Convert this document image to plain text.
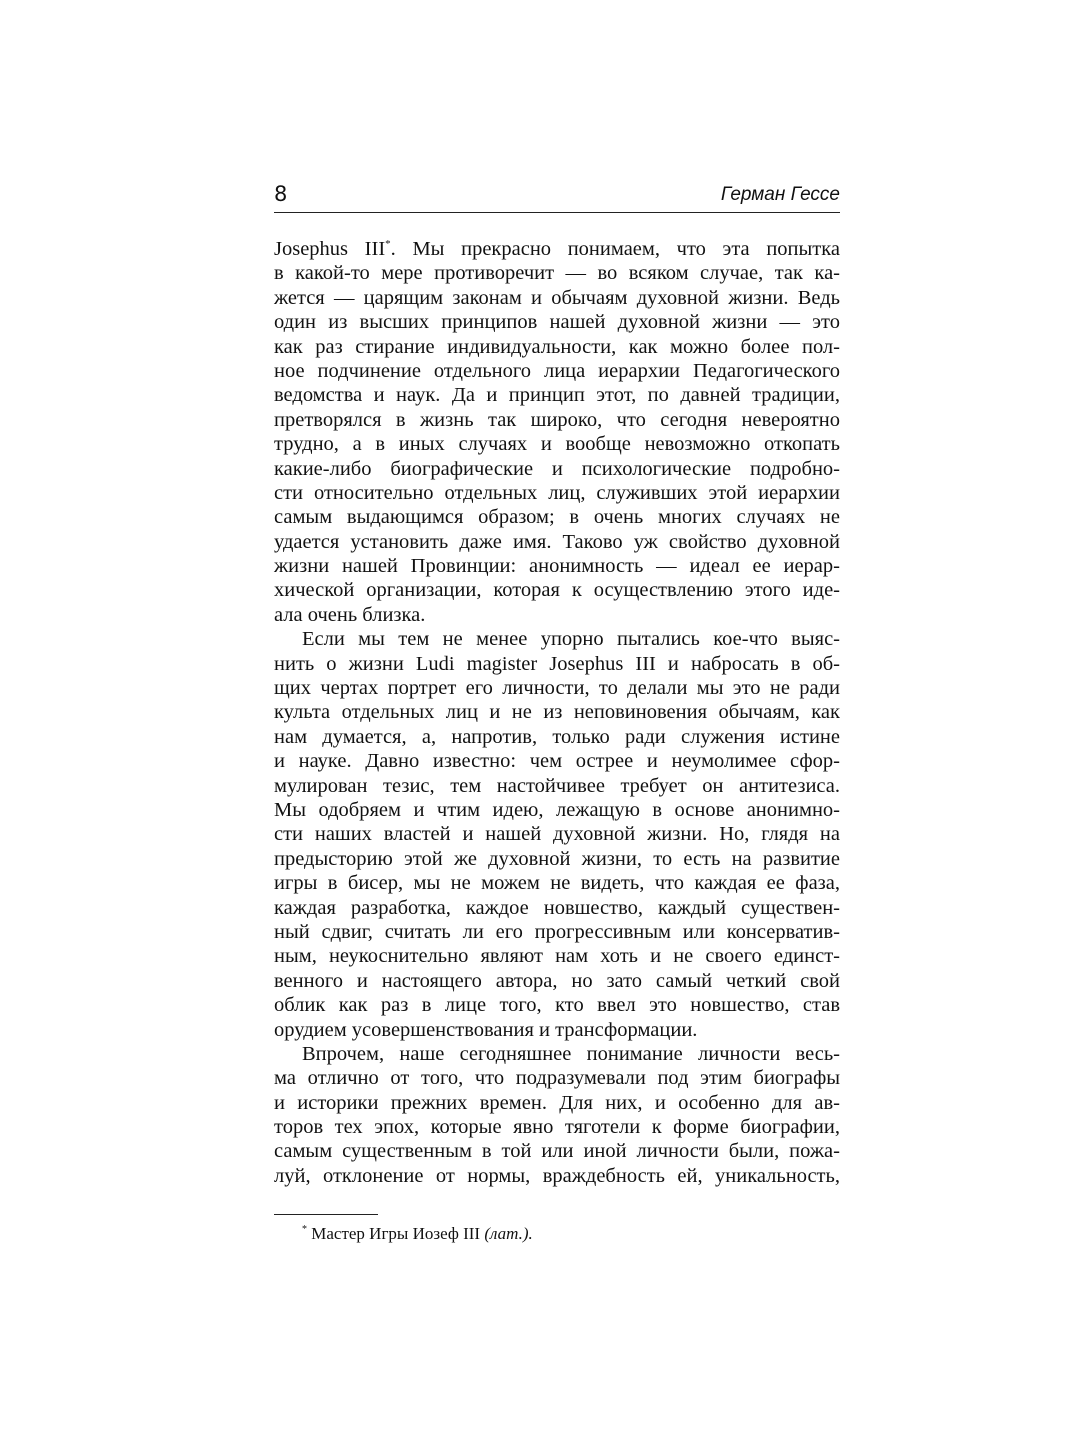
8	Герман Гессе
Josephus III*. Мы прекрасно понимаем, что эта попытка
в какой-то мере противоречит — во всяком случае, так ка-
жется — царящим законам и обычаям духовной жизни. Ведь
один из высших принципов нашей духовной жизни — это
как раз стирание индивидуальности, как можно более пол-
ное подчинение отдельного лица иерархии Педагогического
ведомства и наук. Да и принцип этот, по давней традиции,
претворялся в жизнь так широко, что сегодня невероятно
трудно, а в иных случаях и вообще невозможно откопать
какие-либо биографические и психологические подробно-
сти относительно отдельных лиц, служивших этой иерархии
самым выдающимся образом; в очень многих случаях не
удается установить даже имя. Таково уж свойство духовной
жизни нашей Провинции: анонимность — идеал ее иерар-
хической организации, которая к осуществлению этого иде-
ала очень близка.
Если мы тем не менее упорно пытались кое-что выяс-
нить о жизни Ludi magister Josephus III и набросать в об-
щих чертах портрет его личности, то делали мы это не ради
культа отдельных лиц и не из неповиновения обычаям, как
нам думается, а, напротив, только ради служения истине
и науке. Давно известно: чем острее и неумолимее сфор-
мулирован тезис, тем настойчивее требует он антитезиса.
Мы одобряем и чтим идею, лежащую в основе анонимно-
сти наших властей и нашей духовной жизни. Но, глядя на
предысторию этой же духовной жизни, то есть на развитие
игры в бисер, мы не можем не видеть, что каждая ее фаза,
каждая разработка, каждое новшество, каждый существен-
ный сдвиг, считать ли его прогрессивным или консерватив-
ным, неукоснительно являют нам хоть и не своего единст-
венного и настоящего автора, но зато самый четкий свой
облик как раз в лице того, кто ввел это новшество, став
орудием усовершенствования и трансформации.
Впрочем, наше сегодняшнее понимание личности весь-
ма отлично от того, что подразумевали под этим биографы
и историки прежних времен. Для них, и особенно для ав-
торов тех эпох, которые явно тяготели к форме биографии,
самым существенным в той или иной личности были, пожа-
луй, отклонение от нормы, враждебность ей, уникальность,
* Мастер Игры Иозеф III (лат.).
